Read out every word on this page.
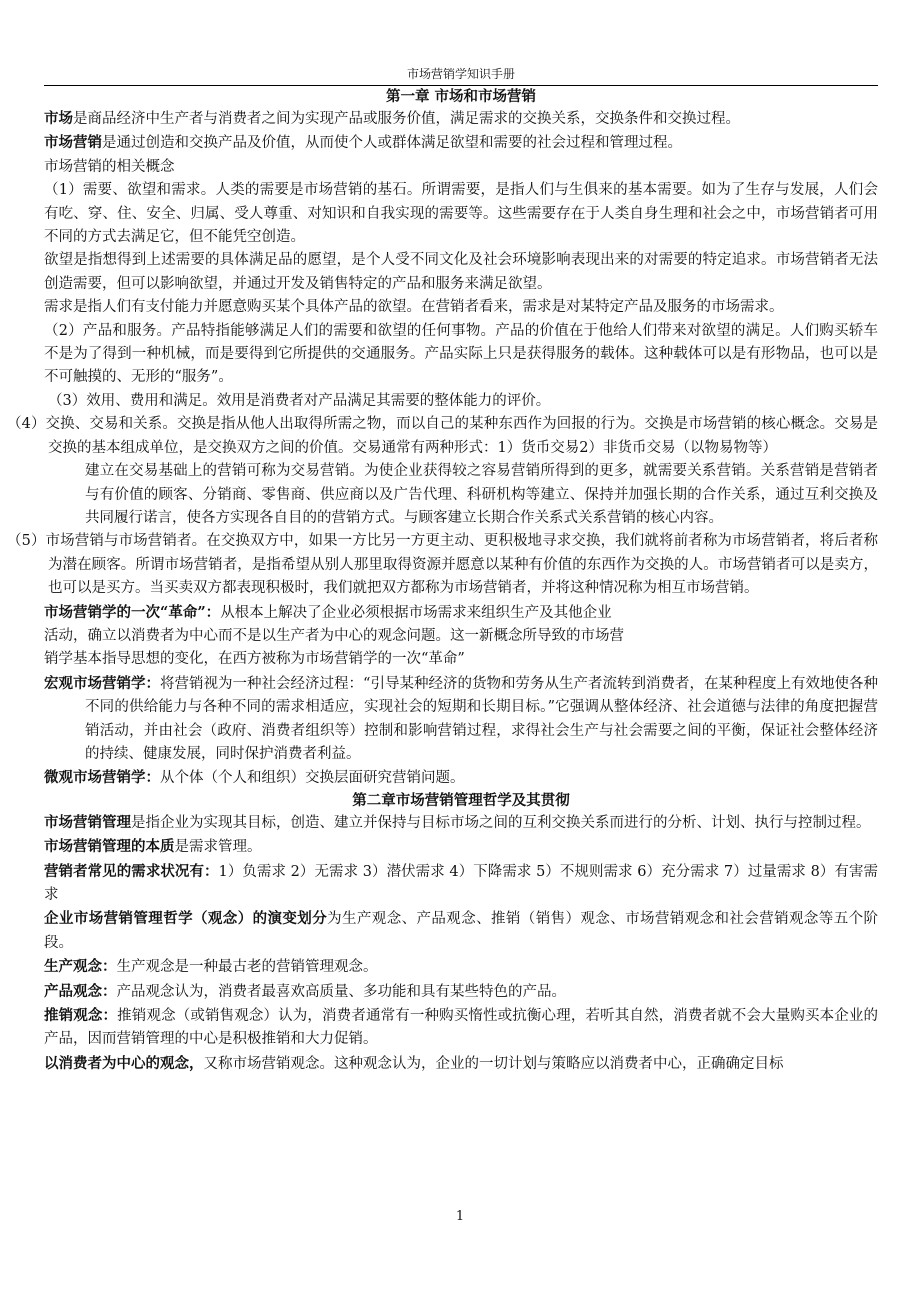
市场营销学知识手册

第一章 市场和市场营销

市场是商品经济中生产者与消费者之间为实现产品或服务价值，满足需求的交换关系，交换条件和交换过程。

市场营销是通过创造和交换产品及价值，从而使个人或群体满足欲望和需要的社会过程和管理过程。

市场营销的相关概念

（1）需要、欲望和需求。人类的需要是市场营销的基石。所谓需要，是指人们与生俱来的基本需要。如为了生存与发展，人们会有吃、穿、住、安全、归属、受人尊重、对知识和自我实现的需要等。这些需要存在于人类自身生理和社会之中，市场营销者可用不同的方式去满足它，但不能凭空创造。

欲望是指想得到上述需要的具体满足品的愿望，是个人受不同文化及社会环境影响表现出来的对需要的特定追求。市场营销者无法创造需要，但可以影响欲望，并通过开发及销售特定的产品和服务来满足欲望。

需求是指人们有支付能力并愿意购买某个具体产品的欲望。在营销者看来，需求是对某特定产品及服务的市场需求。

（2）产品和服务。产品特指能够满足人们的需要和欲望的任何事物。产品的价值在于他给人们带来对欲望的满足。人们购买轿车不是为了得到一种机械，而是要得到它所提供的交通服务。产品实际上只是获得服务的载体。这种载体可以是有形物品，也可以是不可触摸的、无形的“服务”。

（3）效用、费用和满足。效用是消费者对产品满足其需要的整体能力的评价。

（4）交换、交易和关系。交换是指从他人出取得所需之物，而以自己的某种东西作为回报的行为。交换是市场营销的核心概念。交易是交换的基本组成单位，是交换双方之间的价值。交易通常有两种形式：1）货币交易2）非货币交易（以物易物等）

建立在交易基础上的营销可称为交易营销。为使企业获得较之容易营销所得到的更多，就需要关系营销。关系营销是营销者与有价值的顾客、分销商、零售商、供应商以及广告代理、科研机构等建立、保持并加强长期的合作关系，通过互利交换及共同履行诺言，使各方实现各自目的的营销方式。与顾客建立长期合作关系式关系营销的核心内容。

（5）市场营销与市场营销者。在交换双方中，如果一方比另一方更主动、更积极地寻求交换，我们就将前者称为市场营销者，将后者称为潜在顾客。所谓市场营销者，是指希望从别人那里取得资源并愿意以某种有价值的东西作为交换的人。市场营销者可以是卖方，也可以是买方。当买卖双方都表现积极时，我们就把双方都称为市场营销者，并将这种情况称为相互市场营销。

市场营销学的一次“革命”：从根本上解决了企业必须根据市场需求来组织生产及其他企业

活动，确立以消费者为中心而不是以生产者为中心的观念问题。这一新概念所导致的市场营

销学基本指导思想的变化，在西方被称为市场营销学的一次“革命”

宏观市场营销学：将营销视为一种社会经济过程：“引导某种经济的货物和劳务从生产者流转到消费者，在某种程度上有效地使各种不同的供给能力与各种不同的需求相适应，实现社会的短期和长期目标。”它强调从整体经济、社会道德与法律的角度把握营销活动，并由社会（政府、消费者组织等）控制和影响营销过程，求得社会生产与社会需要之间的平衡，保证社会整体经济的持续、健康发展，同时保护消费者利益。

微观市场营销学：从个体（个人和组织）交换层面研究营销问题。

第二章市场营销管理哲学及其贯彻

市场营销管理是指企业为实现其目标，创造、建立并保持与目标市场之间的互利交换关系而进行的分析、计划、执行与控制过程。

市场营销管理的本质是需求管理。

营销者常见的需求状况有：1）负需求 2）无需求 3）潜伏需求 4）下降需求 5）不规则需求 6）充分需求 7）过量需求 8）有害需求

企业市场营销管理哲学（观念）的演变划分为生产观念、产品观念、推销（销售）观念、市场营销观念和社会营销观念等五个阶段。

生产观念：生产观念是一种最古老的营销管理观念。

产品观念：产品观念认为，消费者最喜欢高质量、多功能和具有某些特色的产品。

推销观念：推销观念（或销售观念）认为，消费者通常有一种购买惰性或抗衡心理，若听其自然，消费者就不会大量购买本企业的产品，因而营销管理的中心是积极推销和大力促销。

以消费者为中心的观念，又称市场营销观念。这种观念认为，企业的一切计划与策略应以消费者中心，正确确定目标

1
